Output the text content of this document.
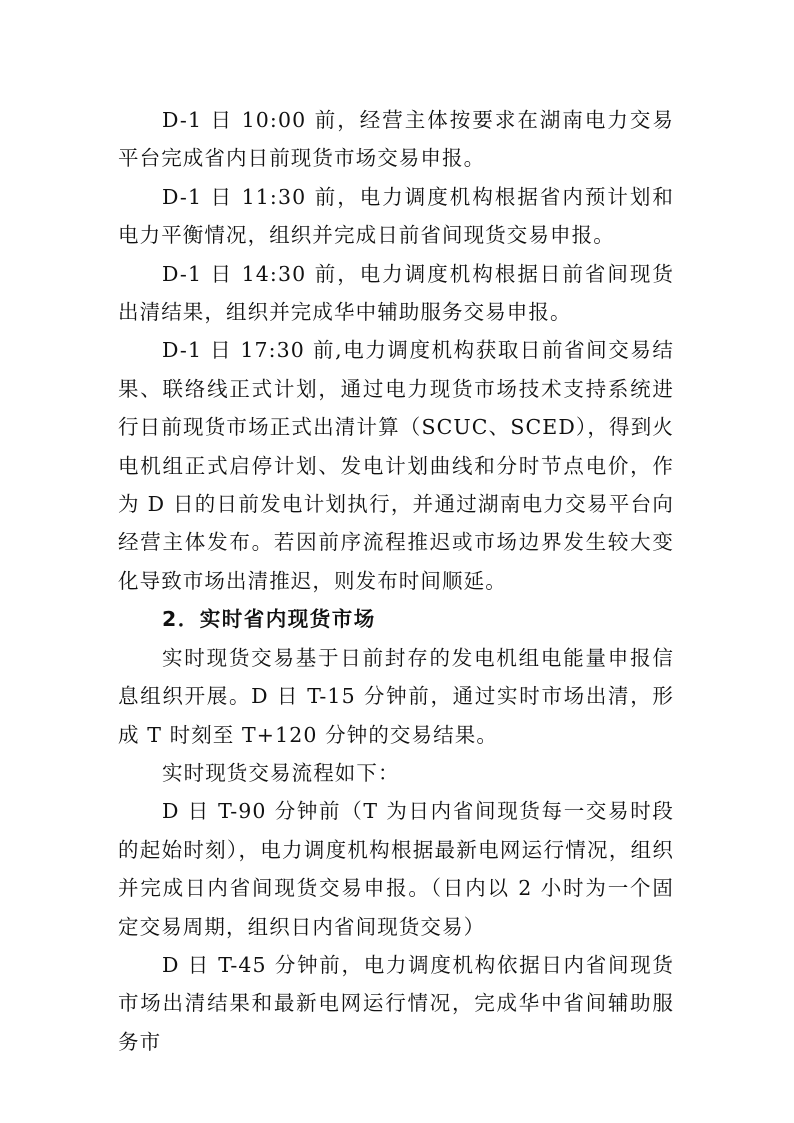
D-1 日 10:00 前，经营主体按要求在湖南电力交易平台完成省内日前现货市场交易申报。

D-1 日 11:30 前，电力调度机构根据省内预计划和电力平衡情况，组织并完成日前省间现货交易申报。

D-1 日 14:30 前，电力调度机构根据日前省间现货出清结果，组织并完成华中辅助服务交易申报。

D-1 日 17:30 前,电力调度机构获取日前省间交易结果、联络线正式计划，通过电力现货市场技术支持系统进行日前现货市场正式出清计算（SCUC、SCED），得到火电机组正式启停计划、发电计划曲线和分时节点电价，作为 D 日的日前发电计划执行，并通过湖南电力交易平台向经营主体发布。若因前序流程推迟或市场边界发生较大变化导致市场出清推迟，则发布时间顺延。

2．实时省内现货市场

实时现货交易基于日前封存的发电机组电能量申报信息组织开展。D 日 T-15 分钟前，通过实时市场出清，形成 T 时刻至 T+120 分钟的交易结果。

实时现货交易流程如下：

D 日 T-90 分钟前（T 为日内省间现货每一交易时段的起始时刻），电力调度机构根据最新电网运行情况，组织并完成日内省间现货交易申报。（日内以 2 小时为一个固定交易周期，组织日内省间现货交易）

D 日 T-45 分钟前，电力调度机构依据日内省间现货市场出清结果和最新电网运行情况，完成华中省间辅助服务市
